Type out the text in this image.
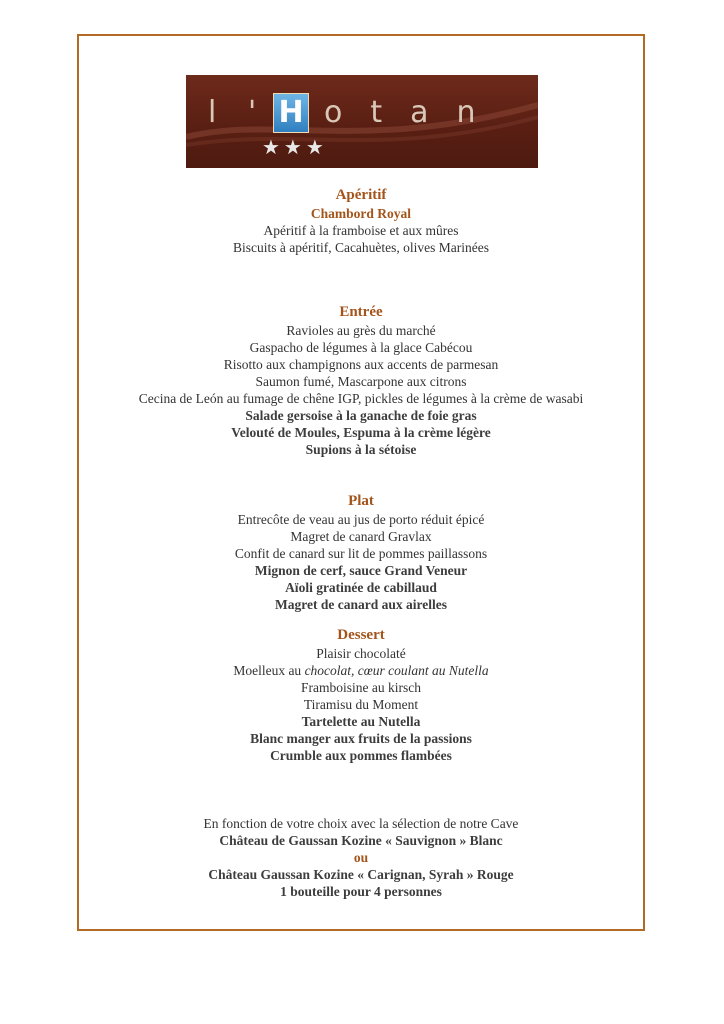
l ' H otan
★★★
Apéritif
Chambord Royal
Apéritif à la framboise et aux mûres
Biscuits à apéritif, Cacahuètes, olives Marinées
Entrée
Ravioles au grès du marché
Gaspacho de légumes à la glace Cabécou
Risotto aux champignons aux accents de parmesan
Saumon fumé, Mascarpone aux citrons
Cecina de León au fumage de chêne IGP, pickles de légumes à la crème de wasabi
Salade gersoise à la ganache de foie gras
Velouté de Moules, Espuma à la crème légère
Supions à la sétoise
Plat
Entrecôte de veau au jus de porto réduit épicé
Magret de canard Gravlax
Confit de canard sur lit de pommes paillassons
Mignon de cerf, sauce Grand Veneur
Aïoli gratinée de cabillaud
Magret de canard aux airelles
Dessert
Plaisir chocolaté
Moelleux au chocolat, cœur coulant au Nutella
Framboisine au kirsch
Tiramisu du Moment
Tartelette au Nutella
Blanc manger aux fruits de la passions
Crumble aux pommes flambées
En fonction de votre choix avec la sélection de notre Cave
Château de Gaussan Kozine « Sauvignon » Blanc
ou
Château Gaussan Kozine « Carignan, Syrah » Rouge
1 bouteille pour 4 personnes
